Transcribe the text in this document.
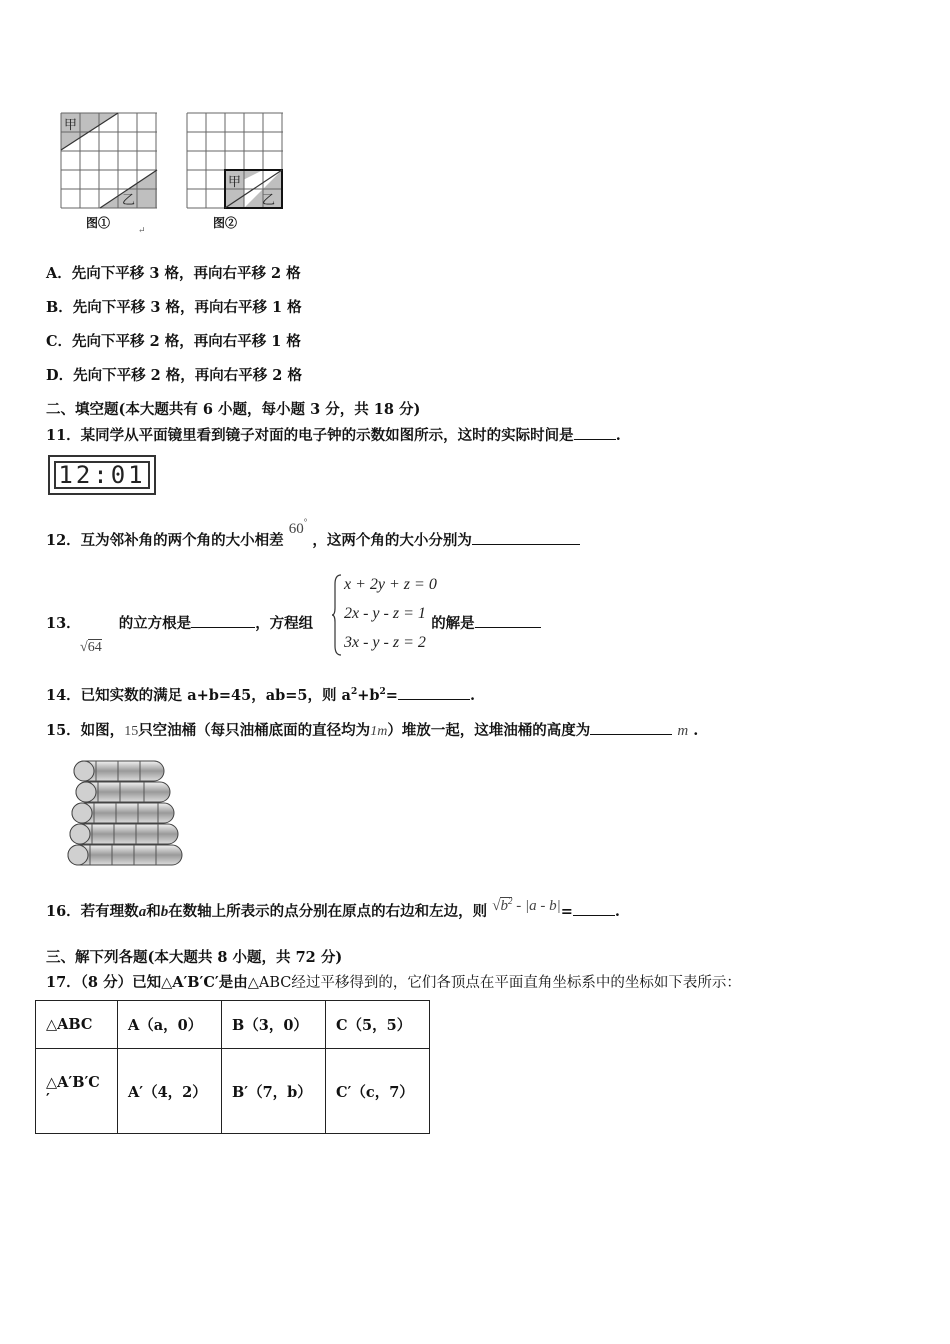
甲
乙
图①
↵
甲
乙
图②
A．先向下平移 3 格，再向右平移 2 格
B．先向下平移 3 格，再向右平移 1 格
C．先向下平移 2 格，再向右平移 1 格
D．先向下平移 2 格，再向右平移 2 格
二、填空题(本大题共有 6 小题，每小题 3 分，共 18 分)
11．某同学从平面镜里看到镜子对面的电子钟的示数如图所示，这时的实际时间是	.
12:01
12．互为邻补角的两个角的大小相差 60° ，这两个角的大小分别为
13．	的立方根是	，方程组	的解是
√64
x + 2y + z = 0
2x - y - z = 1
3x - y - z = 2
14．已知实数的满足 a+b=45，ab=5，则 $a^2+b^2=$	.
15．如图，15只空油桶（每只油桶底面的直径均为1m）堆放一起，这堆油桶的高度为	m .
16．若有理数a和b在数轴上所表示的点分别在原点的右边和左边，则 $√b^2 - |a - b|=$	.
三、解下列各题(本大题共 8 小题，共 72 分)
17．（8 分）已知△A′B′C′是由△ABC经过平移得到的，它们各顶点在平面直角坐标系中的坐标如下表所示：
△ABC	A（a，0）	B（3，0）	C（5，5）

△A′B′C
′	A′（4，2）	B′（7，b）	C′（c，7）
